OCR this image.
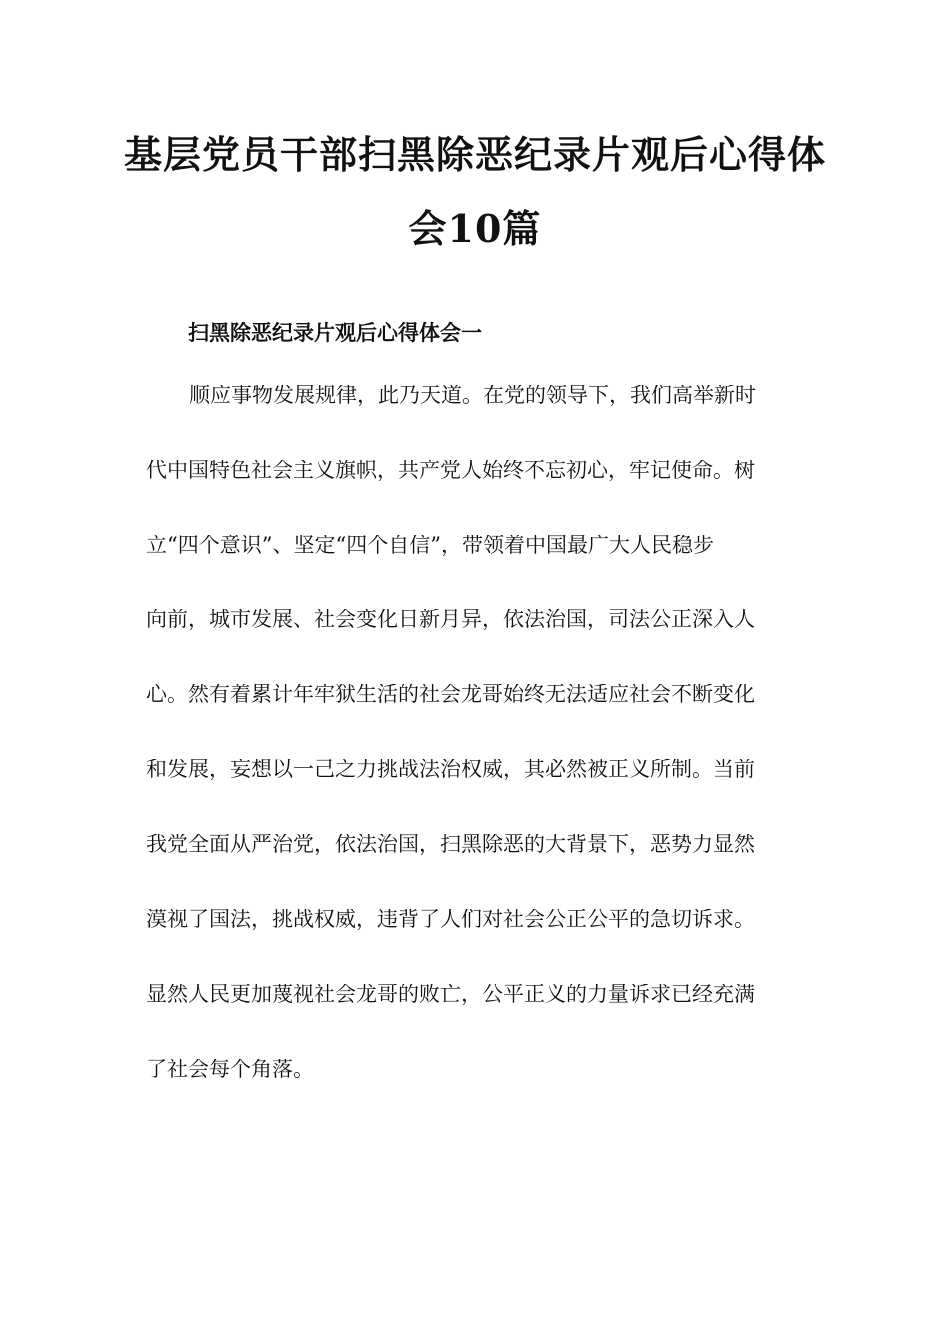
基层党员干部扫黑除恶纪录片观后心得体
会10篇
扫黑除恶纪录片观后心得体会一

顺应事物发展规律，此乃天道。在党的领导下，我们高举新时

代中国特色社会主义旗帜，共产党人始终不忘初心，牢记使命。树

立“四个意识”、坚定“四个自信”，带领着中国最广大人民稳步

向前，城市发展、社会变化日新月异，依法治国，司法公正深入人

心。然有着累计年牢狱生活的社会龙哥始终无法适应社会不断变化

和发展，妄想以一己之力挑战法治权威，其必然被正义所制。当前

我党全面从严治党，依法治国，扫黑除恶的大背景下，恶势力显然

漠视了国法，挑战权威，违背了人们对社会公正公平的急切诉求。

显然人民更加蔑视社会龙哥的败亡，公平正义的力量诉求已经充满

了社会每个角落。
